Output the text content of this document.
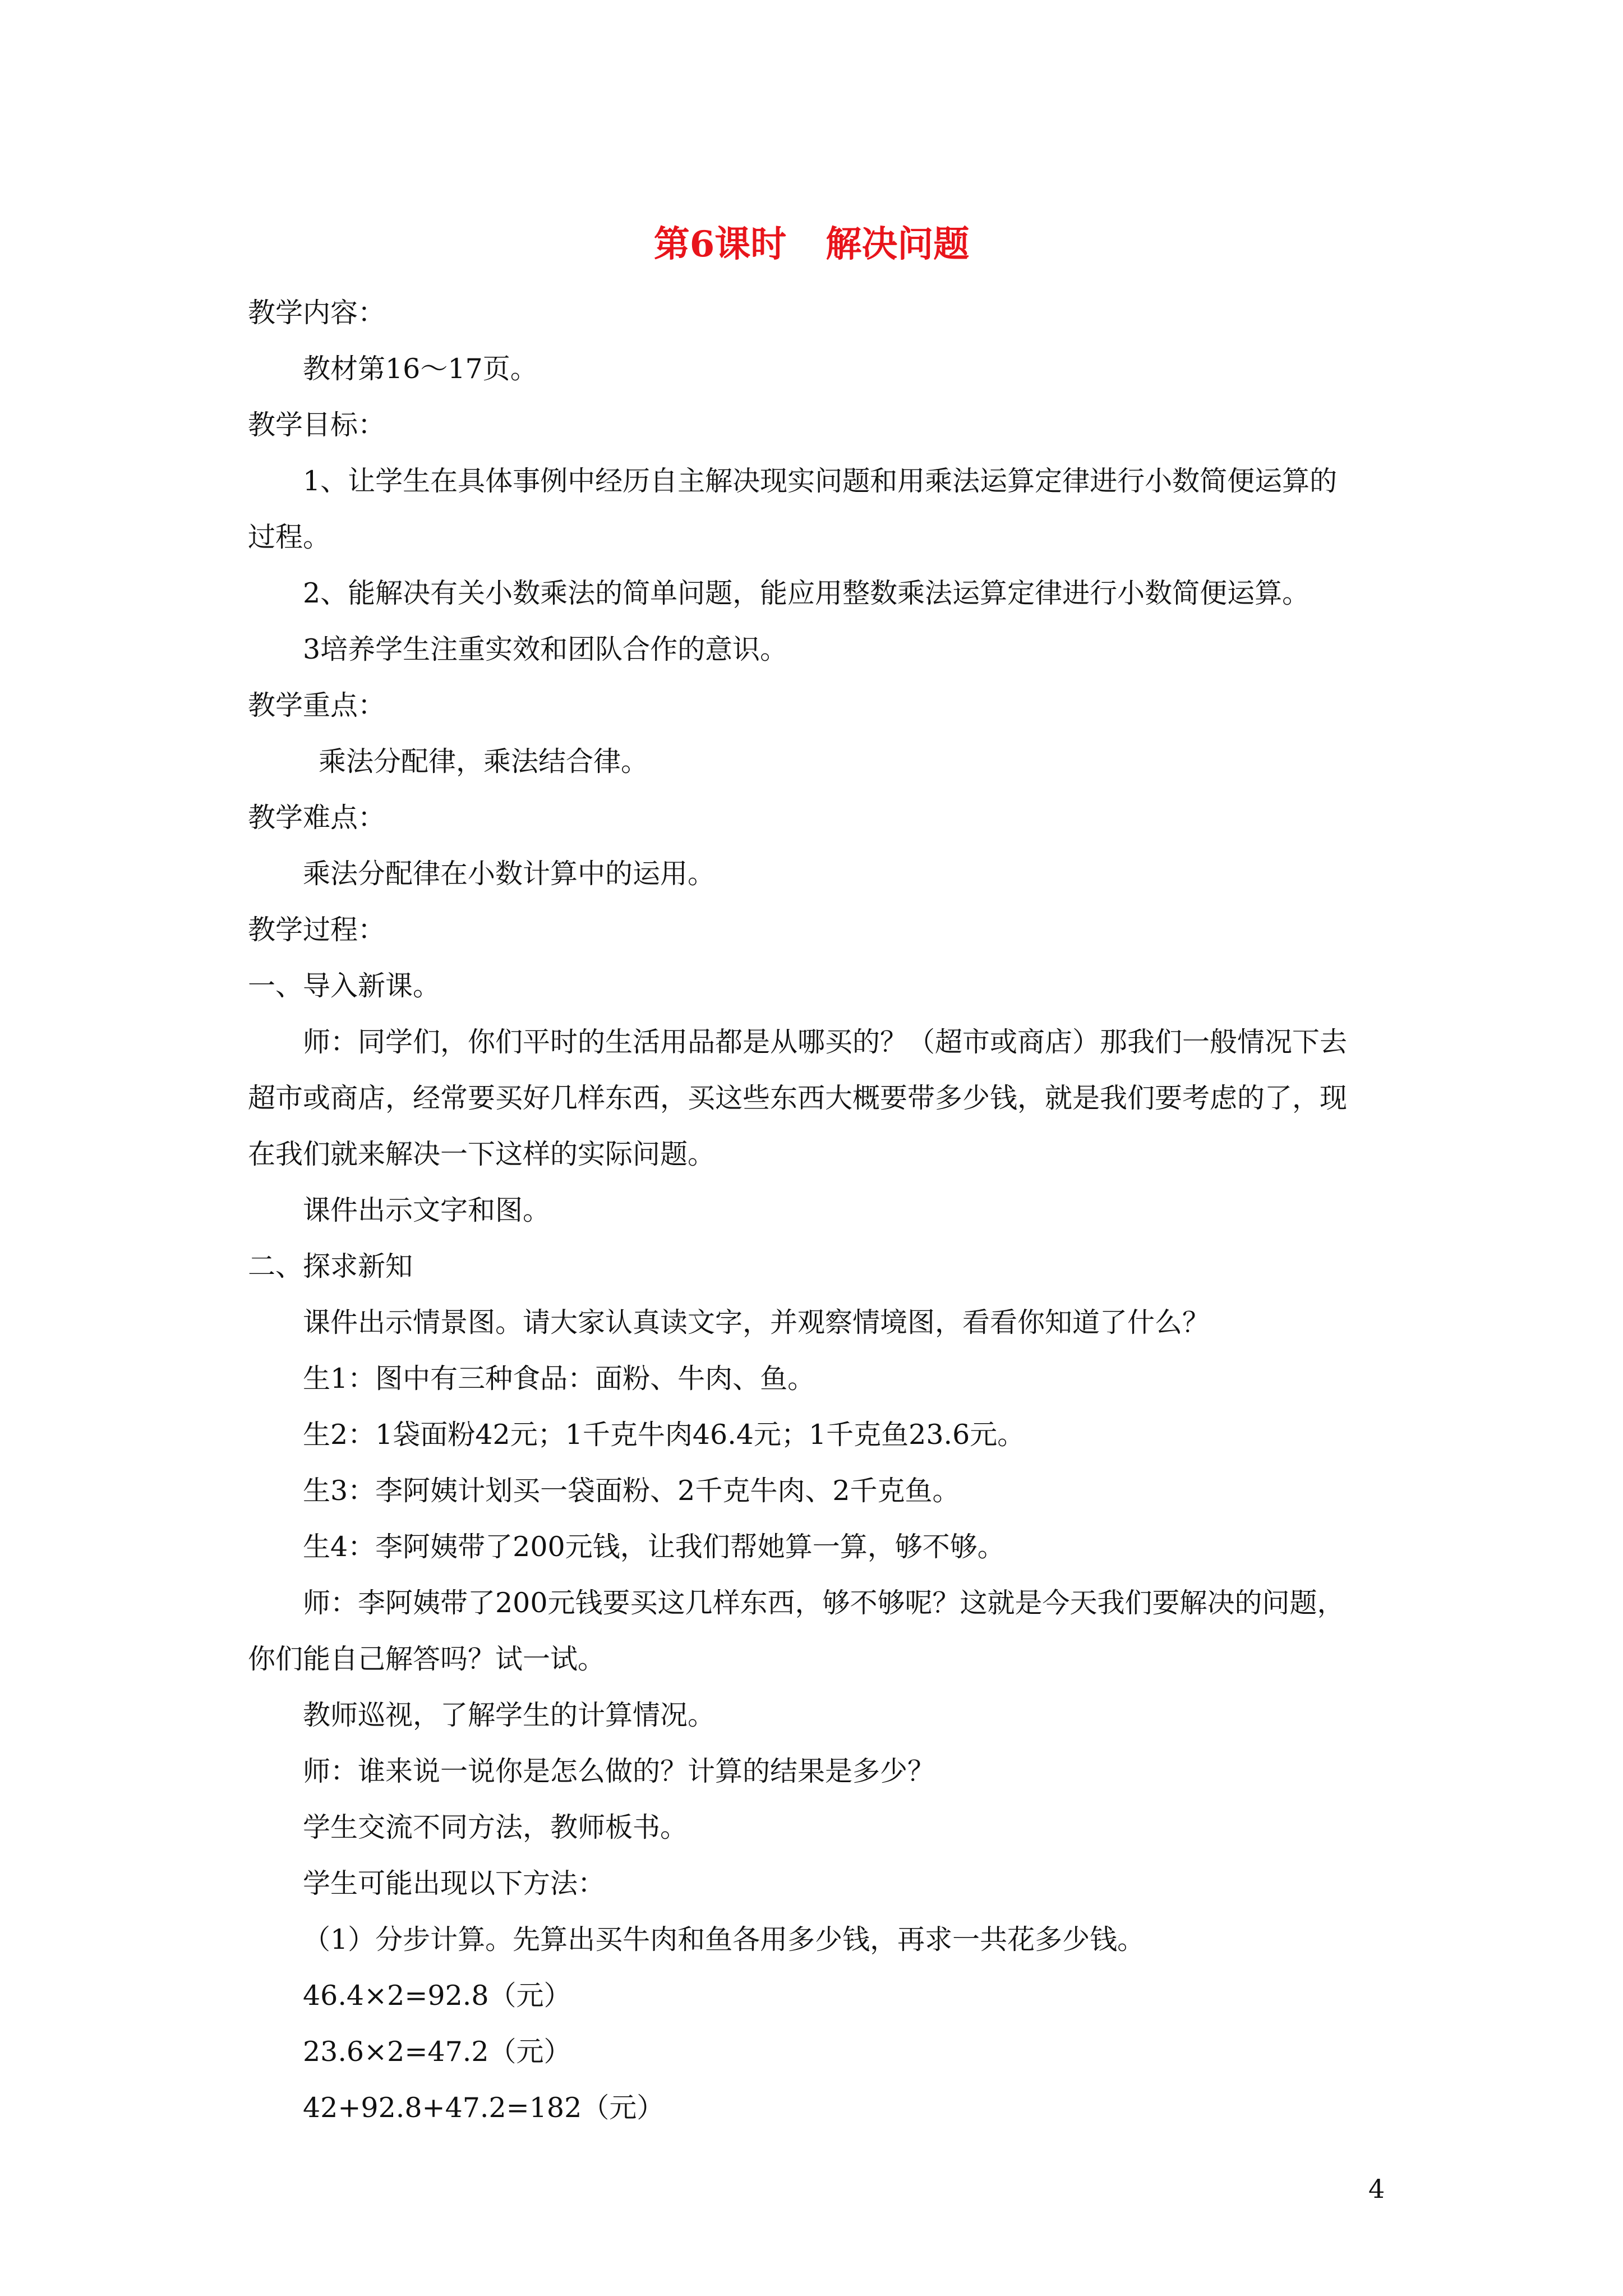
第6课时 解决问题
教学内容：
教材第16～17页。
教学目标：
1、让学生在具体事例中经历自主解决现实问题和用乘法运算定律进行小数简便运算的
过程。
2、能解决有关小数乘法的简单问题，能应用整数乘法运算定律进行小数简便运算。
3培养学生注重实效和团队合作的意识。
教学重点：
乘法分配律，乘法结合律。
教学难点：
乘法分配律在小数计算中的运用。
教学过程：
一、导入新课。
师：同学们，你们平时的生活用品都是从哪买的？（超市或商店）那我们一般情况下去
超市或商店，经常要买好几样东西，买这些东西大概要带多少钱，就是我们要考虑的了，现
在我们就来解决一下这样的实际问题。
课件出示文字和图。
二、探求新知
课件出示情景图。请大家认真读文字，并观察情境图，看看你知道了什么？
生1：图中有三种食品：面粉、牛肉、鱼。
生2：1袋面粉42元；1千克牛肉46.4元；1千克鱼23.6元。
生3：李阿姨计划买一袋面粉、2千克牛肉、2千克鱼。
生4：李阿姨带了200元钱，让我们帮她算一算，够不够。
师：李阿姨带了200元钱要买这几样东西，够不够呢？这就是今天我们要解决的问题，
你们能自己解答吗？试一试。
教师巡视，了解学生的计算情况。
师：谁来说一说你是怎么做的？计算的结果是多少？
学生交流不同方法，教师板书。
学生可能出现以下方法：
（1）分步计算。先算出买牛肉和鱼各用多少钱，再求一共花多少钱。
46.4×2=92.8（元）
23.6×2=47.2（元）
42+92.8+47.2=182（元）
4
